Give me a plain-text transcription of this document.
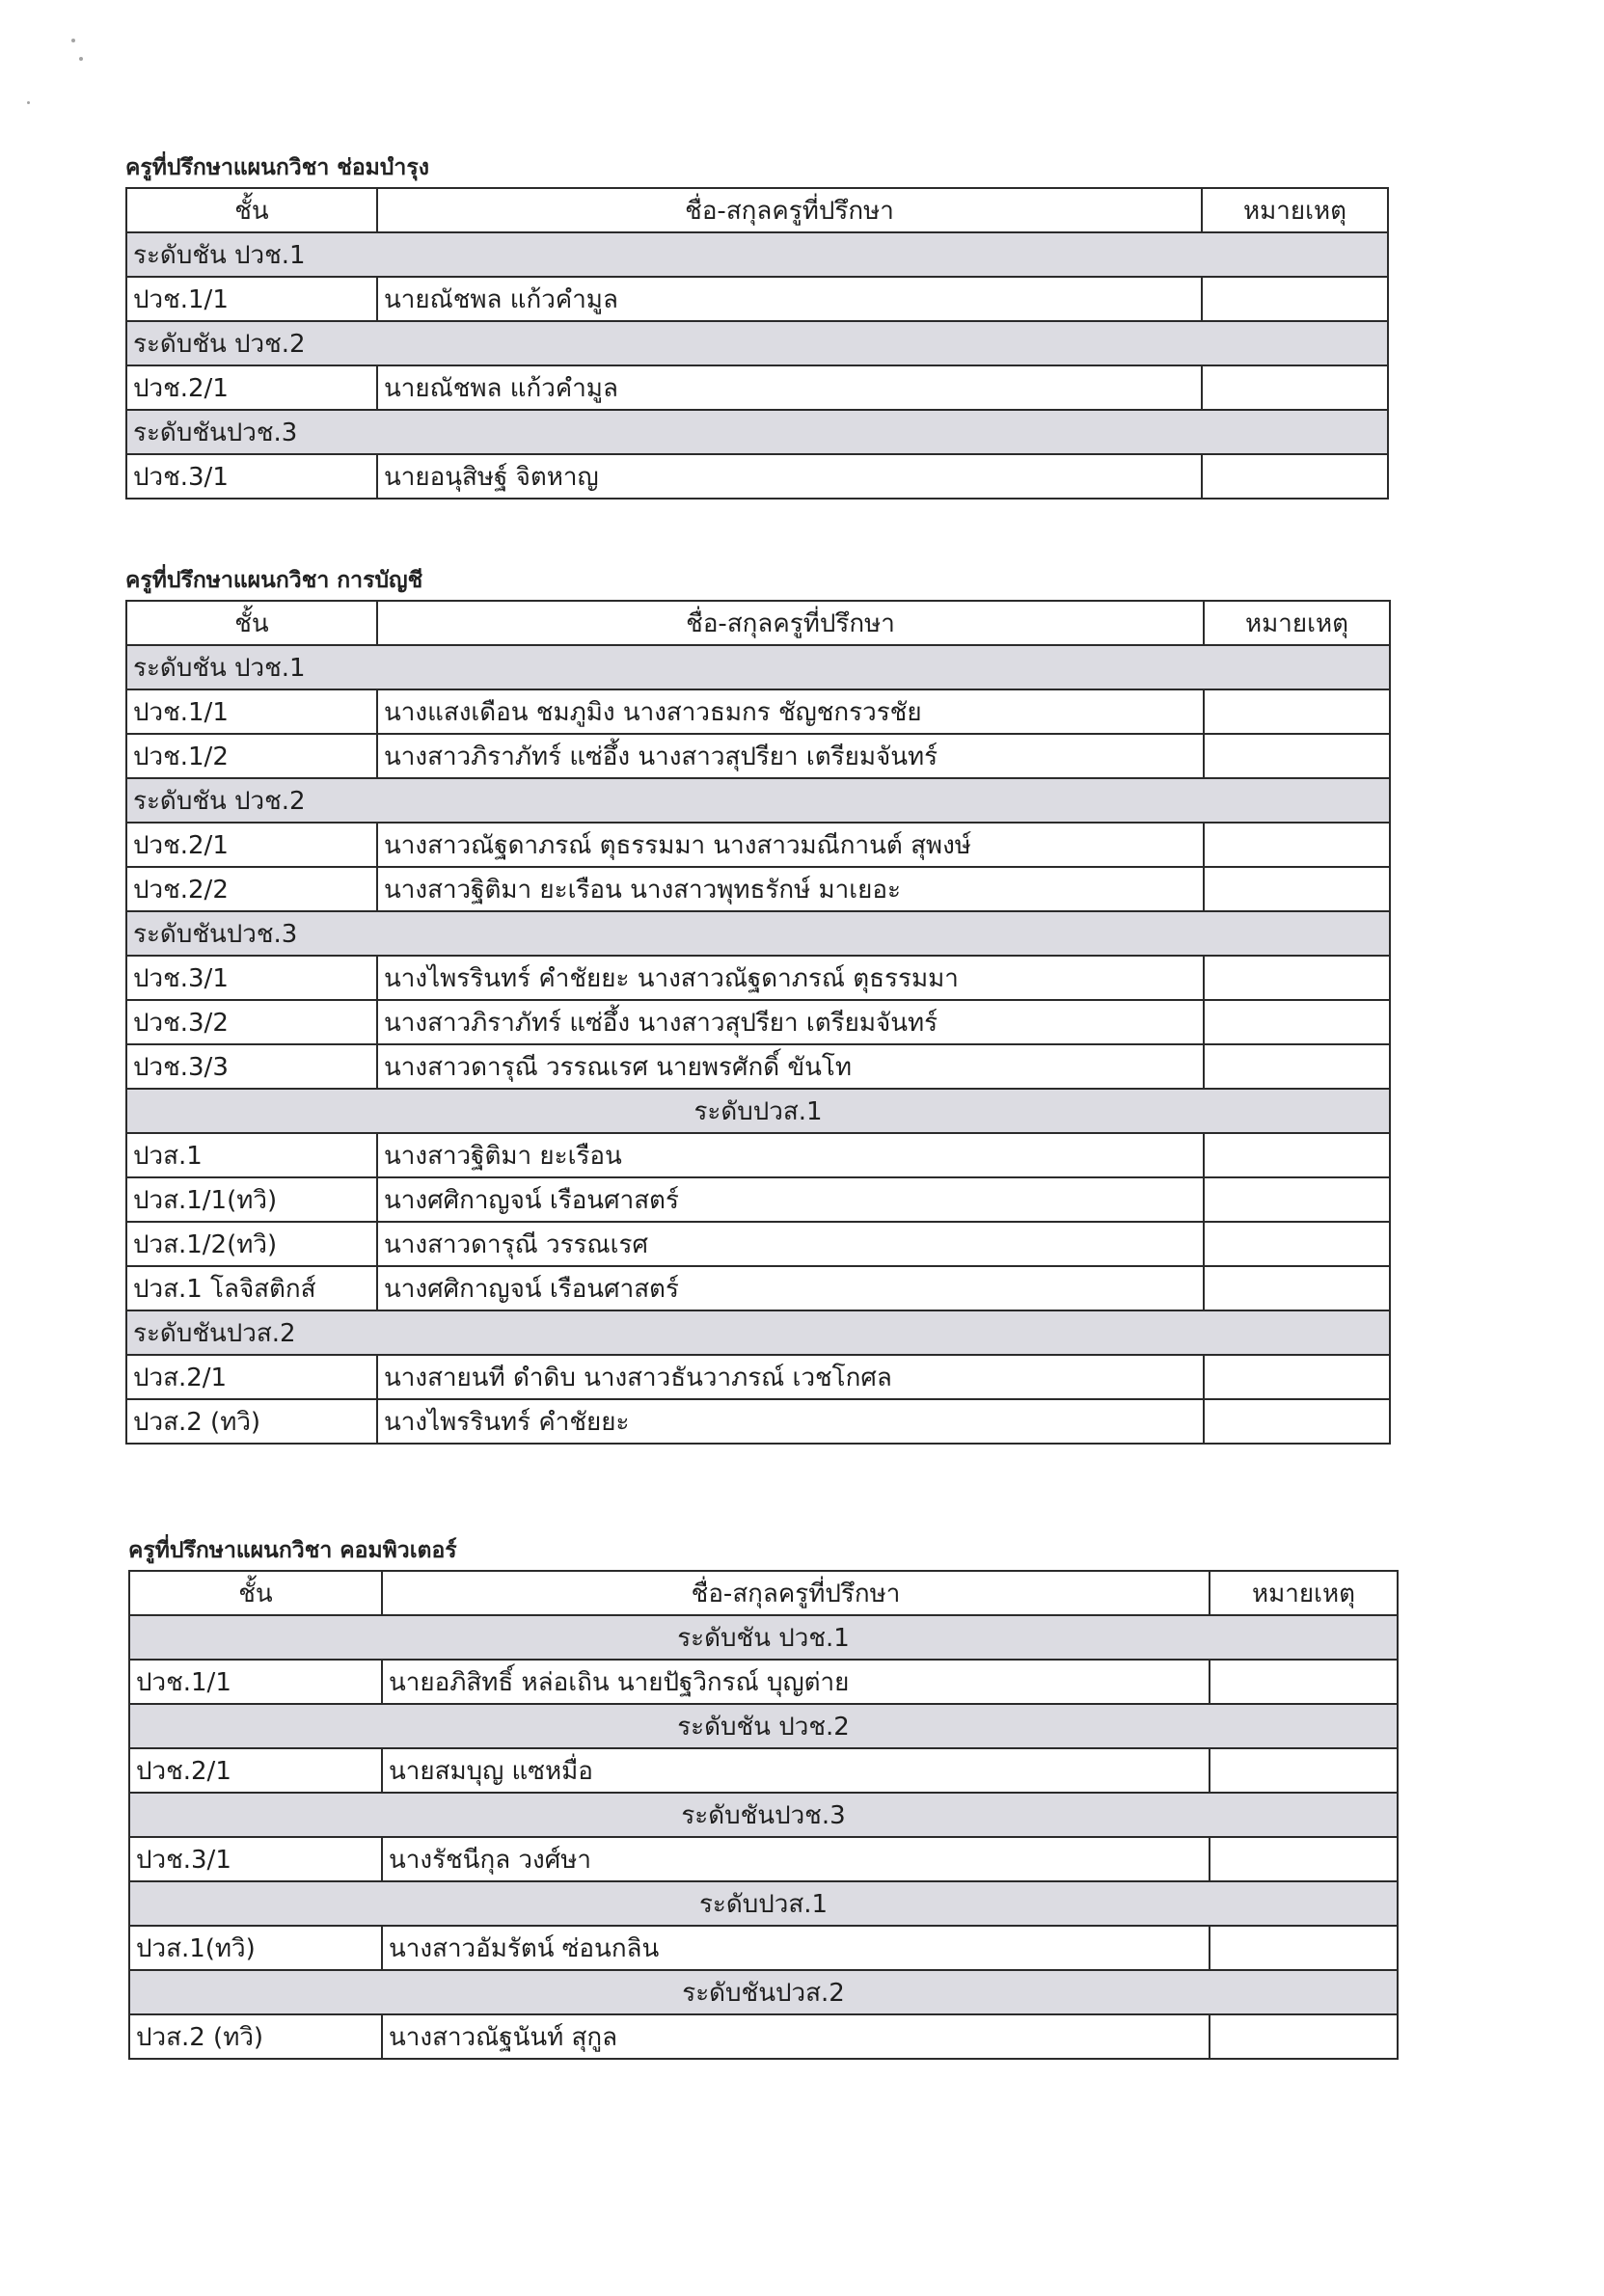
ครูที่ปรึกษาแผนกวิชา ช่อมบำรุง
ชั้น	ชื่อ-สกุลครูที่ปรึกษา	หมายเหตุ
ระดับชัน ปวช.1		
ปวช.1/1	นายณัชพล แก้วคำมูล	
ระดับชัน ปวช.2		
ปวช.2/1	นายณัชพล แก้วคำมูล	
ระดับชันปวช.3		
ปวช.3/1	นายอนุสิษฐ์ จิตหาญ	
ครูที่ปรึกษาแผนกวิชา การบัญชี
ชั้น	ชื่อ-สกุลครูที่ปรึกษา	หมายเหตุ
ระดับชัน ปวช.1		
ปวช.1/1	นางแสงเดือน ชมภูมิง นางสาวธมกร ชัญชกรวรชัย	
ปวช.1/2	นางสาวภิราภัทร์ แซ่อึ้ง นางสาวสุปรียา เตรียมจันทร์	
ระดับชัน ปวช.2		
ปวช.2/1	นางสาวณัฐดาภรณ์ ตุธรรมมา นางสาวมณีกานต์ สุพงษ์	
ปวช.2/2	นางสาวฐิติมา ยะเรือน นางสาวพุทธรักษ์ มาเยอะ	
ระดับชันปวช.3		
ปวช.3/1	นางไพรรินทร์ คำชัยยะ นางสาวณัฐดาภรณ์ ตุธรรมมา	
ปวช.3/2	นางสาวภิราภัทร์ แซ่อึ้ง นางสาวสุปรียา เตรียมจันทร์	
ปวช.3/3	นางสาวดารุณี วรรณเรศ นายพรศักดิ์ ขันโท	
ระดับปวส.1		
ปวส.1	นางสาวฐิติมา ยะเรือน	
ปวส.1/1(ทวิ)	นางศศิกาญจน์ เรือนศาสตร์	
ปวส.1/2(ทวิ)	นางสาวดารุณี วรรณเรศ	
ปวส.1 โลจิสติกส์	นางศศิกาญจน์ เรือนศาสตร์	
ระดับชันปวส.2		
ปวส.2/1	นางสายนที ดำดิบ นางสาวธันวาภรณ์ เวชโกศล	
ปวส.2 (ทวิ)	นางไพรรินทร์ คำชัยยะ	
ครูที่ปรึกษาแผนกวิชา คอมพิวเตอร์
ชั้น	ชื่อ-สกุลครูที่ปรึกษา	หมายเหตุ
ระดับชัน ปวช.1		
ปวช.1/1	นายอภิสิทธิ์ หล่อเถิน นายปัฐวิกรณ์ บุญต่าย	
ระดับชัน ปวช.2		
ปวช.2/1	นายสมบุญ แซหมื่อ	
ระดับชันปวช.3		
ปวช.3/1	นางรัชนีกุล วงศ์ษา	
ระดับปวส.1		
ปวส.1(ทวิ)	นางสาวอัมรัตน์ ซ่อนกลิน	
ระดับชันปวส.2		
ปวส.2 (ทวิ)	นางสาวณัฐนันท์ สุกูล	
